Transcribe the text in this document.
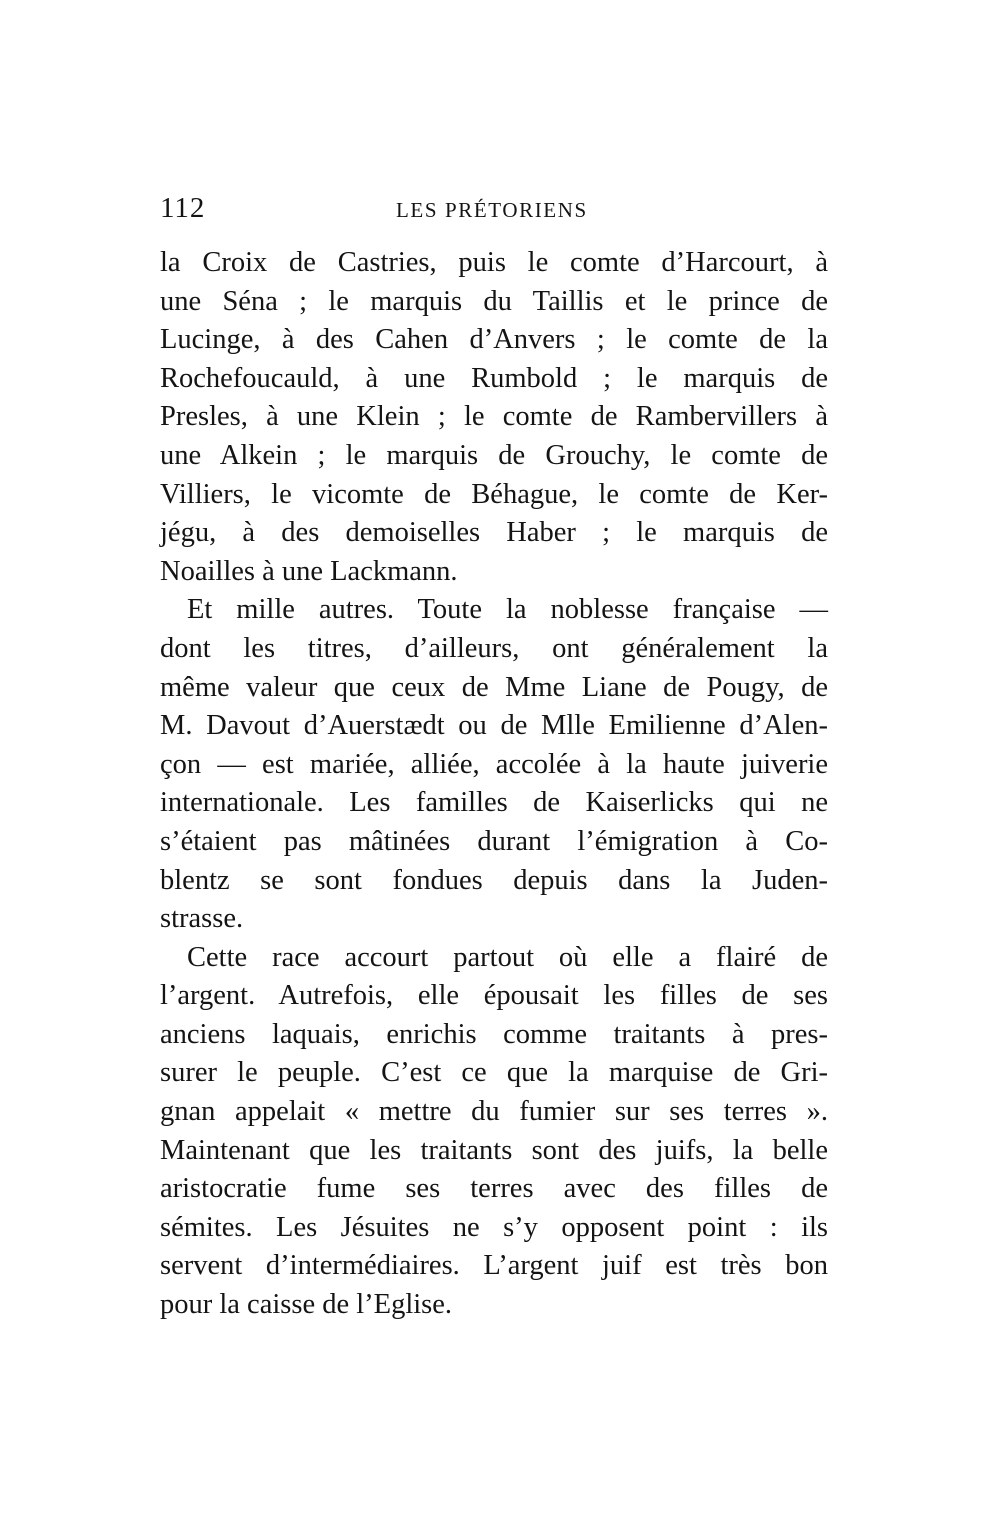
112	LES PRÉTORIENS
la Croix de Castries, puis le comte d’Harcourt, à
une Séna ; le marquis du Taillis et le prince de
Lucinge, à des Cahen d’Anvers ; le comte de la
Rochefoucauld, à une Rumbold ; le marquis de
Presles, à une Klein ; le comte de Rambervillers à
une Alkein ; le marquis de Grouchy, le comte de
Villiers, le vicomte de Béhague, le comte de Ker-
jégu, à des demoiselles Haber ; le marquis de
Noailles à une Lackmann.
Et mille autres. Toute la noblesse française —
dont les titres, d’ailleurs, ont généralement la
même valeur que ceux de Mme Liane de Pougy, de
M. Davout d’Auerstædt ou de Mlle Emilienne d’Alen-
çon — est mariée, alliée, accolée à la haute juiverie
internationale. Les familles de Kaiserlicks qui ne
s’étaient pas mâtinées durant l’émigration à Co-
blentz se sont fondues depuis dans la Juden-
strasse.
Cette race accourt partout où elle a flairé de
l’argent. Autrefois, elle épousait les filles de ses
anciens laquais, enrichis comme traitants à pres-
surer le peuple. C’est ce que la marquise de Gri-
gnan appelait « mettre du fumier sur ses terres ».
Maintenant que les traitants sont des juifs, la belle
aristocratie fume ses terres avec des filles de
sémites. Les Jésuites ne s’y opposent point : ils
servent d’intermédiaires. L’argent juif est très bon
pour la caisse de l’Eglise.
